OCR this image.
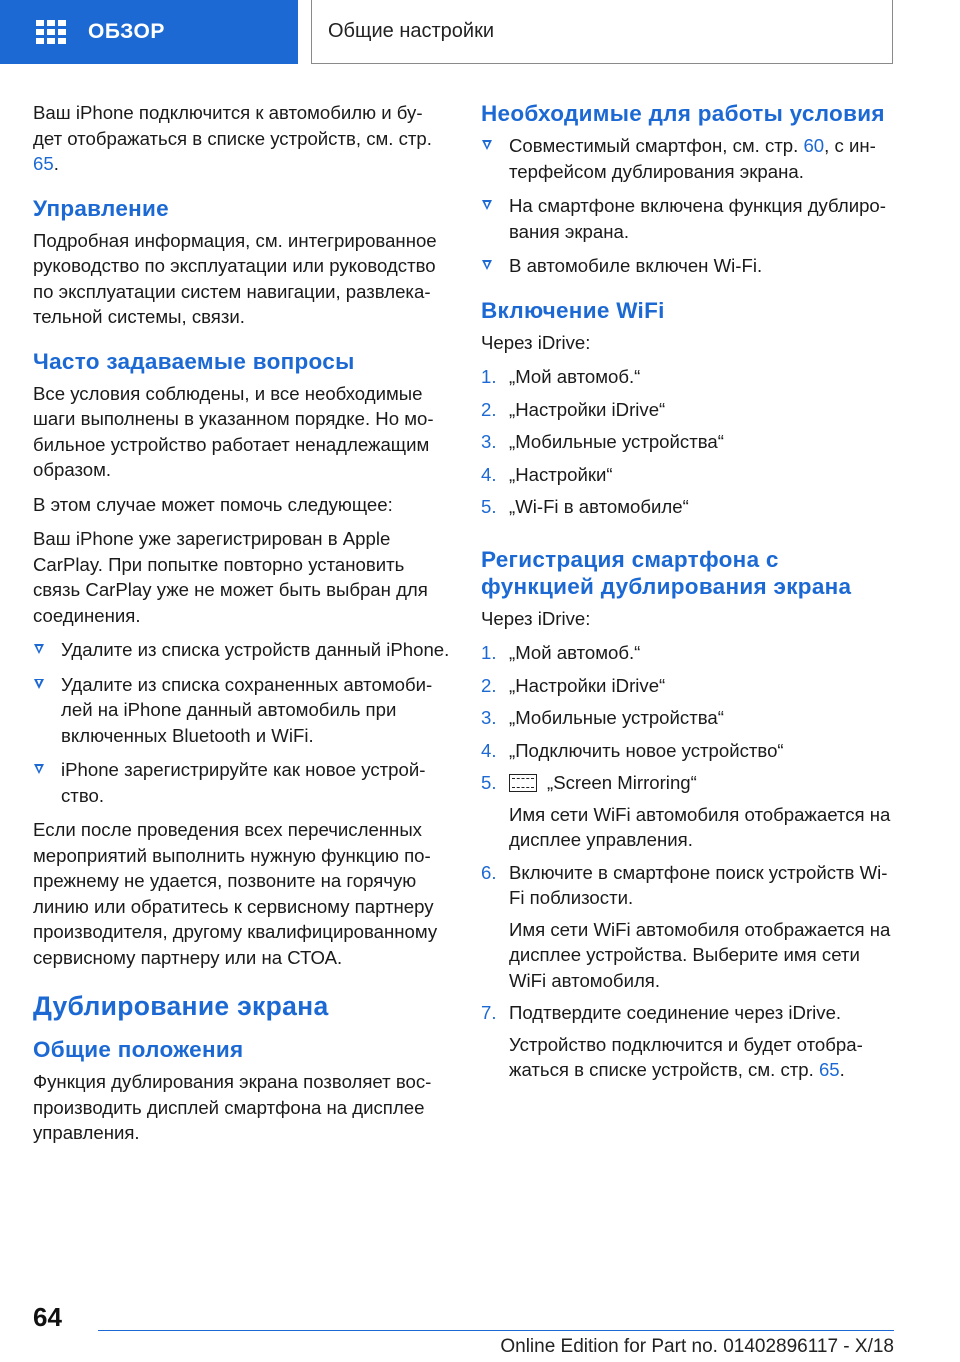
ОБЗОР	Общие настройки

Ваш iPhone подключится к автомобилю и бу-дет отображаться в списке устройств, см. стр. 65.

Управление

Подробная информация, см. интегрированное руководство по эксплуатации или руководство по эксплуатации систем навигации, развлека-тельной системы, связи.

Часто задаваемые вопросы

Все условия соблюдены, и все необходимые шаги выполнены в указанном порядке. Но мо-бильное устройство работает ненадлежащим образом.

В этом случае может помочь следующее:

Ваш iPhone уже зарегистрирован в Apple CarPlay. При попытке повторно установить связь CarPlay уже не может быть выбран для соединения.

Удалите из списка устройств данный iPhone.
Удалите из списка сохраненных автомоби-лей на iPhone данный автомобиль при включенных Bluetooth и WiFi.
iPhone зарегистрируйте как новое устрой-ство.

Если после проведения всех перечисленных мероприятий выполнить нужную функцию по-прежнему не удается, позвоните на горячую линию или обратитесь к сервисному партнеру производителя, другому квалифицированному сервисному партнеру или на СТОА.

Дублирование экрана
Общие положения

Функция дублирования экрана позволяет вос-производить дисплей смартфона на дисплее управления.

Необходимые для работы условия
Совместимый смартфон, см. стр. 60, с ин-терфейсом дублирования экрана.
На смартфоне включена функция дублиро-вания экрана.
В автомобиле включен Wi-Fi.
Включение WiFi

Через iDrive:

1. „Мой автомоб.“
2. „Настройки iDrive“
3. „Мобильные устройства“
4. „Настройки“
5. „Wi-Fi в автомобиле“
Регистрация смартфона с функцией дублирования экрана

Через iDrive:

1. „Мой автомоб.“
2. „Настройки iDrive“
3. „Мобильные устройства“
4. „Подключить новое устройство“
5.	„Screen Mirroring“

Имя сети WiFi автомобиля отображается на дисплее управления.

6. Включите в смартфоне поиск устройств Wi-Fi поблизости.

Имя сети WiFi автомобиля отображается на дисплее устройства. Выберите имя сети WiFi автомобиля.

7. Подтвердите соединение через iDrive.

Устройство подключится и будет отобра-жаться в списке устройств, см. стр. 65.

64
Online Edition for Part no. 01402896117 - X/18
